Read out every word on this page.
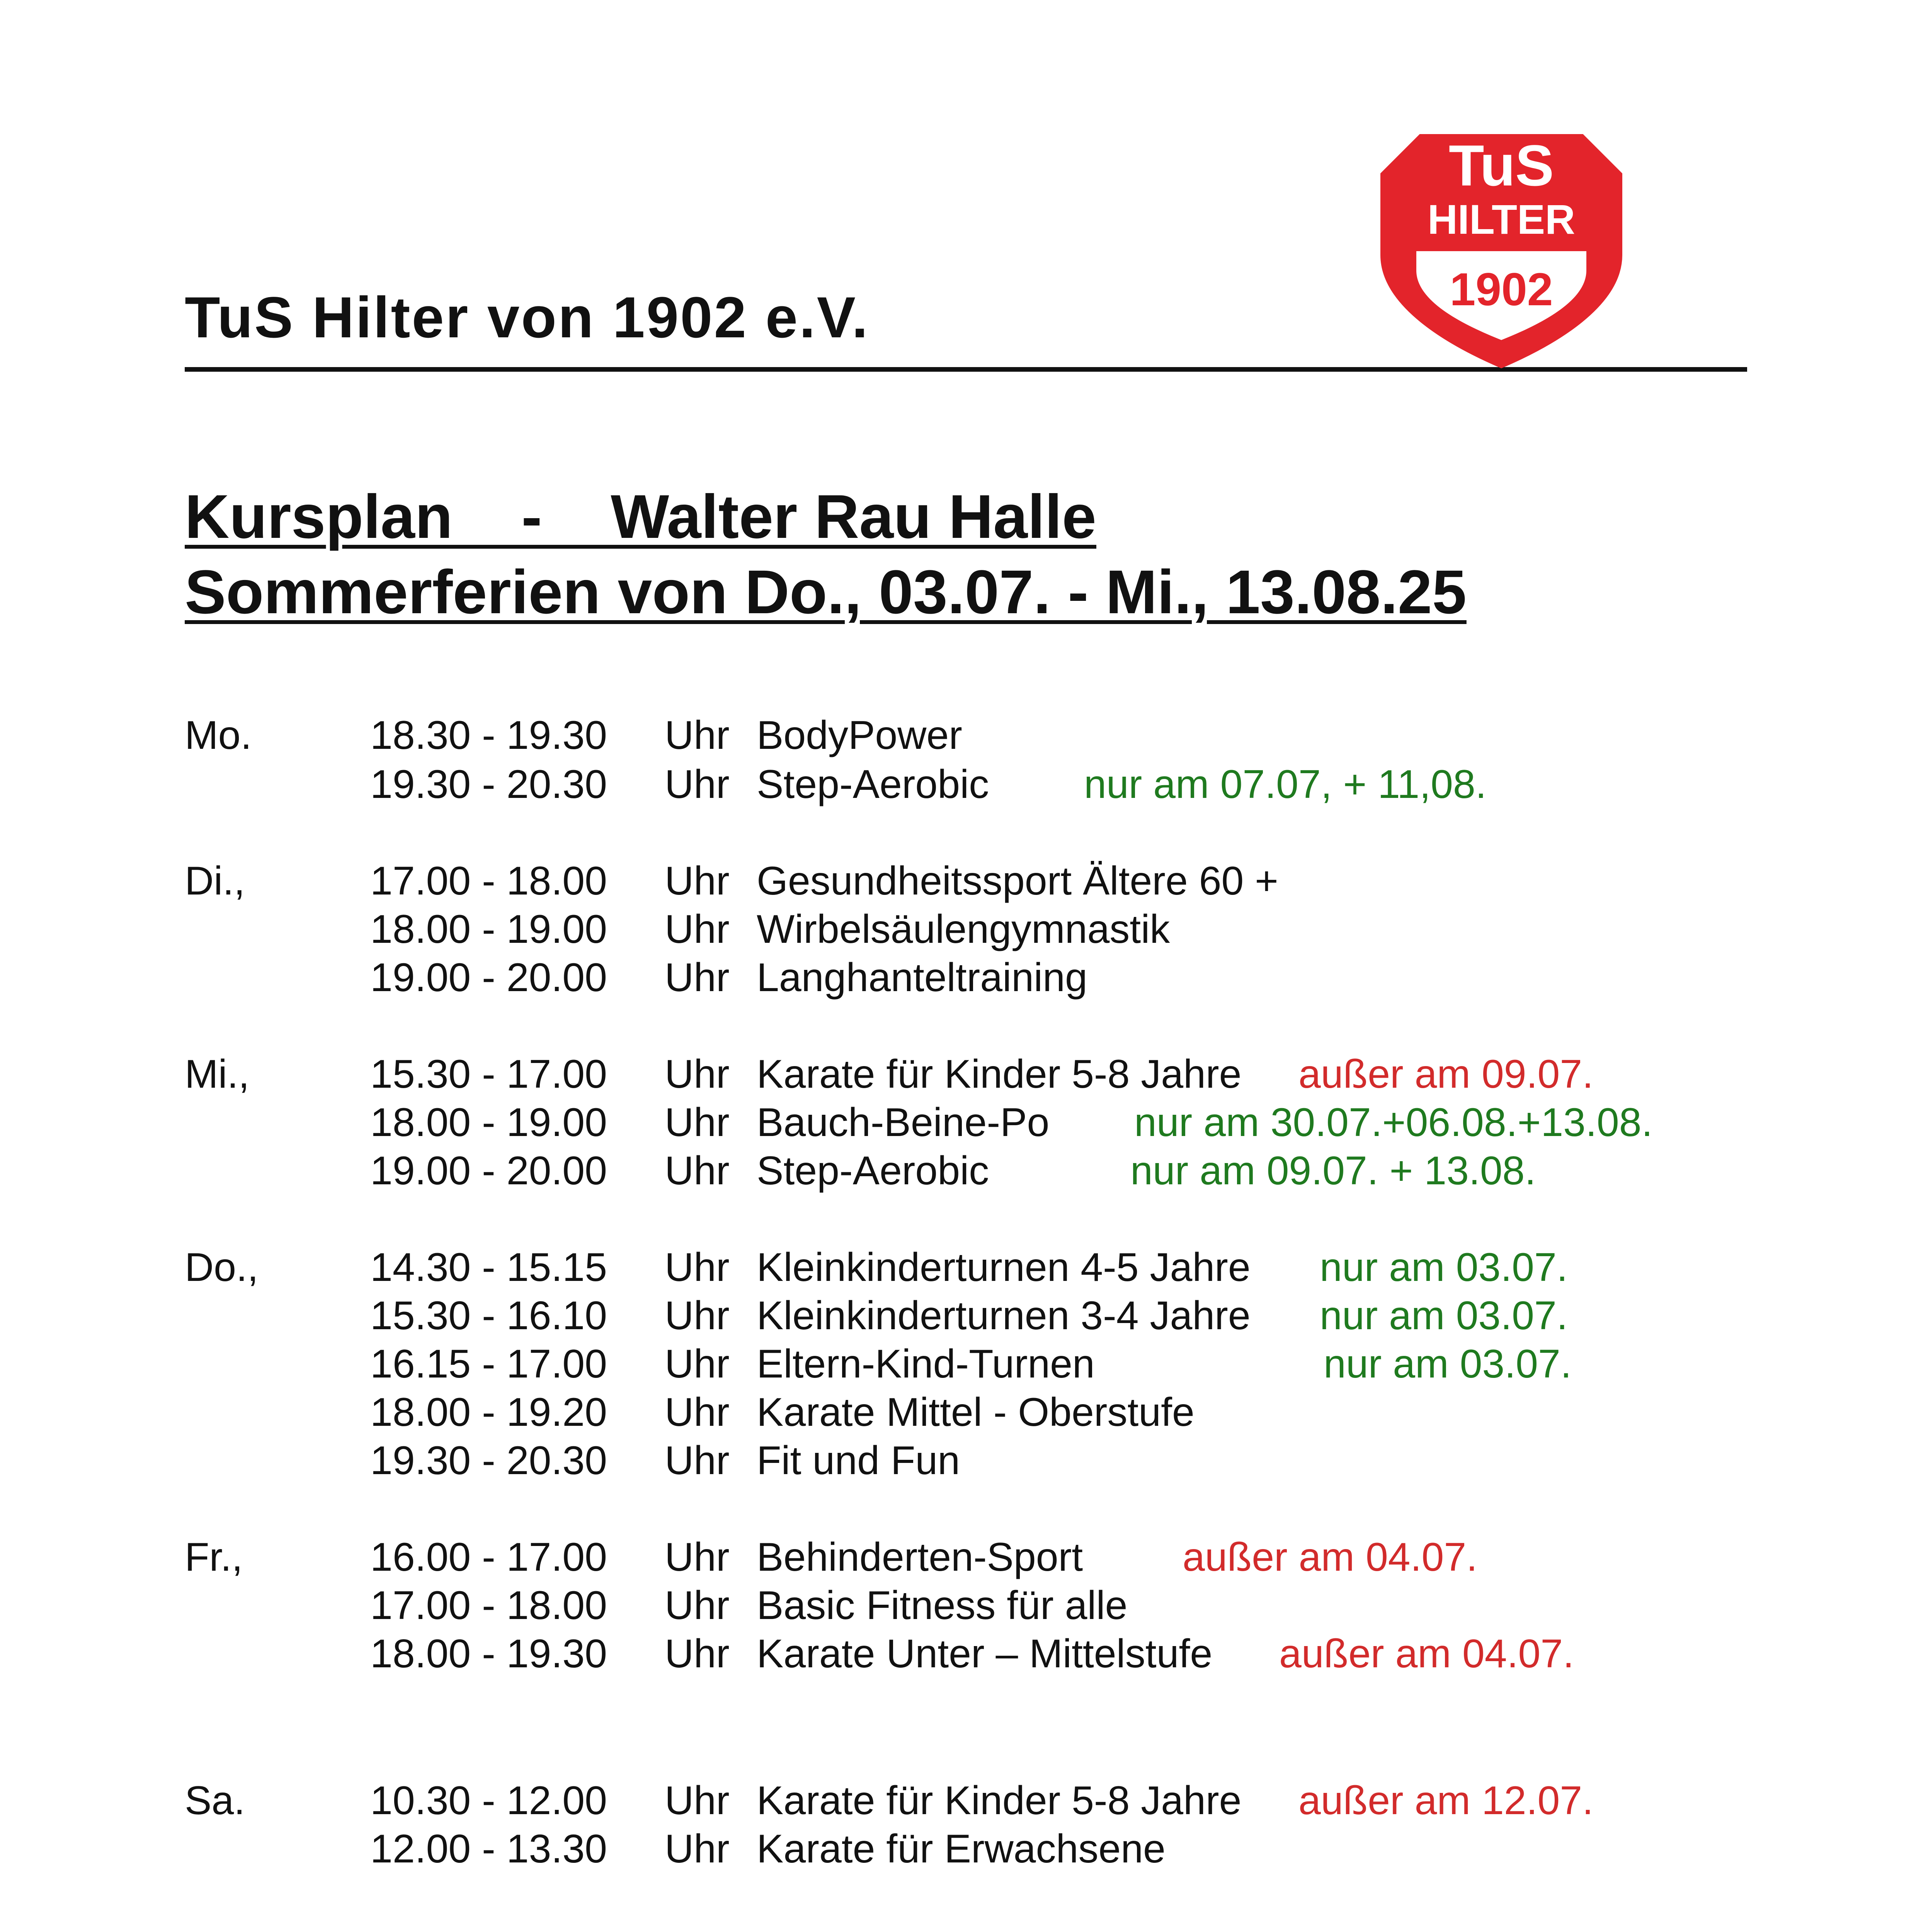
TuS Hilter von 1902 e.V.
TuS
HILTER
1902
Kursplan    -    Walter Rau Halle
Sommerferien von Do., 03.07. - Mi., 13.08.25
Mo.	18.30 - 19.30 Uhr BodyPower
19.30 - 20.30 Uhr Step-Aerobic nur am 07.07, + 11,08.
Di.,	17.00 - 18.00 Uhr Gesundheitssport Ältere 60 +
18.00 - 19.00 Uhr Wirbelsäulengymnastik
19.00 - 20.00 Uhr Langhanteltraining
Mi.,	15.30 - 17.00 Uhr Karate für Kinder 5-8 Jahre außer am 09.07.
18.00 - 19.00 Uhr Bauch-Beine-Po nur am 30.07.+06.08.+13.08.
19.00 - 20.00 Uhr Step-Aerobic	nur am 09.07. + 13.08.
Do.,	14.30 - 15.15 Uhr Kleinkinderturnen 4-5 Jahre nur am 03.07.
15.30 - 16.10 Uhr Kleinkinderturnen 3-4 Jahre nur am 03.07.
16.15 - 17.00 Uhr Eltern-Kind-Turnen	nur am 03.07.
18.00 - 19.20 Uhr Karate Mittel - Oberstufe
19.30 - 20.30 Uhr Fit und Fun
Fr.,	16.00 - 17.00 Uhr Behinderten-Sport außer am 04.07.
17.00 - 18.00 Uhr Basic Fitness für alle
18.00 - 19.30 Uhr Karate Unter – Mittelstufe außer am 04.07.
Sa.	10.30 - 12.00 Uhr Karate für Kinder 5-8 Jahre außer am 12.07.
12.00 - 13.30 Uhr Karate für Erwachsene
